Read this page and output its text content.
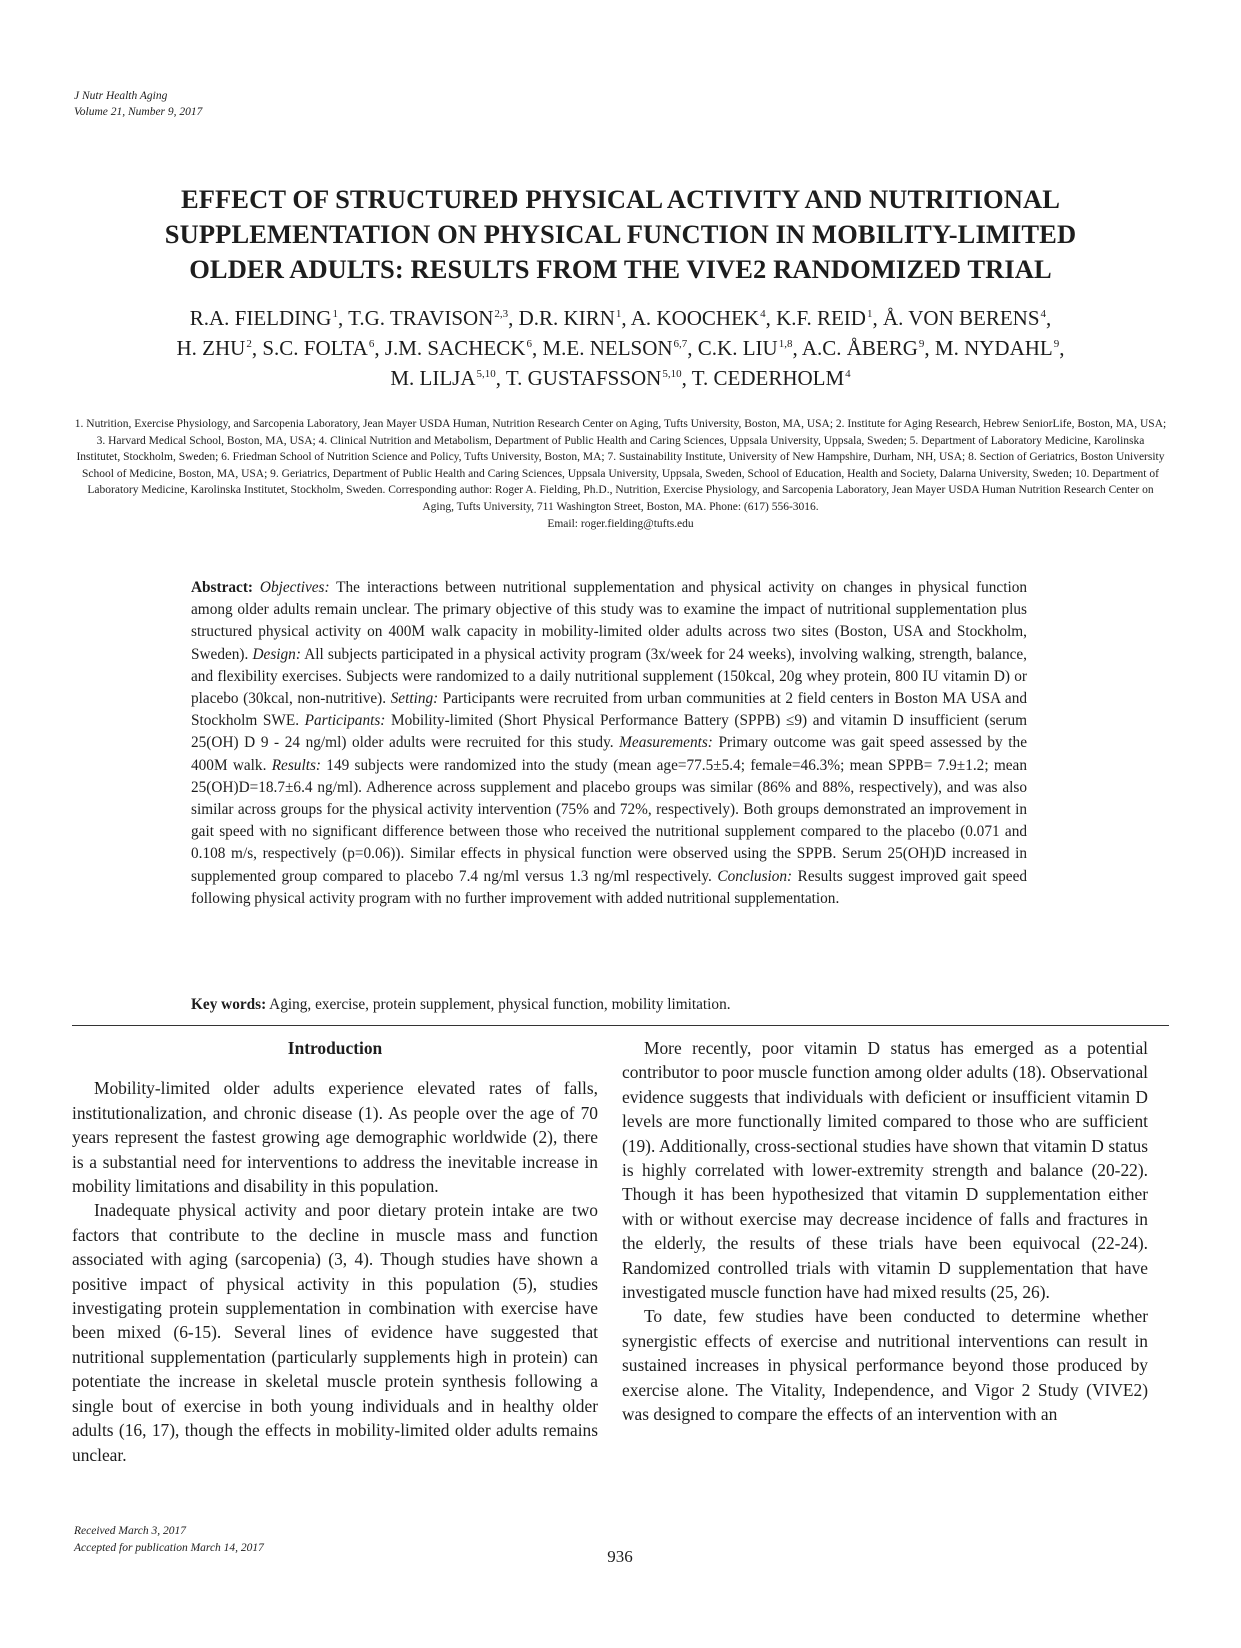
J Nutr Health Aging
Volume 21, Number 9, 2017
EFFECT OF STRUCTURED PHYSICAL ACTIVITY AND NUTRITIONAL
SUPPLEMENTATION ON PHYSICAL FUNCTION IN MOBILITY-LIMITED
OLDER ADULTS: RESULTS FROM THE VIVE2 RANDOMIZED TRIAL
R.A. FIELDING$^1$, T.G. TRAVISON$^{2,3}$, D.R. KIRN$^1$, A. KOOCHEK$^4$, K.F. REID$^1$, Å. VON BERENS$^4$,
H. ZHU$^2$, S.C. FOLTA$^6$, J.M. SACHECK$^6$, M.E. NELSON$^{6,7}$, C.K. LIU$^{1,8}$, A.C. ÅBERG$^9$, M. NYDAHL$^9$,
M. LILJA$^{5,10}$, T. GUSTAFSSON$^{5,10}$, T. CEDERHOLM$^4$
1. Nutrition, Exercise Physiology, and Sarcopenia Laboratory, Jean Mayer USDA Human, Nutrition Research Center on Aging, Tufts University, Boston, MA, USA; 2. Institute for Aging Research, Hebrew SeniorLife, Boston, MA, USA; 3. Harvard Medical School, Boston, MA, USA; 4. Clinical Nutrition and Metabolism, Department of Public Health and Caring Sciences, Uppsala University, Uppsala, Sweden; 5. Department of Laboratory Medicine, Karolinska Institutet, Stockholm, Sweden; 6. Friedman School of Nutrition Science and Policy, Tufts University, Boston, MA; 7. Sustainability Institute, University of New Hampshire, Durham, NH, USA; 8. Section of Geriatrics, Boston University School of Medicine, Boston, MA, USA; 9. Geriatrics, Department of Public Health and Caring Sciences, Uppsala University, Uppsala, Sweden, School of Education, Health and Society, Dalarna University, Sweden; 10. Department of Laboratory Medicine, Karolinska Institutet, Stockholm, Sweden. Corresponding author: Roger A. Fielding, Ph.D., Nutrition, Exercise Physiology, and Sarcopenia Laboratory, Jean Mayer USDA Human Nutrition Research Center on Aging, Tufts University, 711 Washington Street, Boston, MA. Phone: (617) 556-3016.
Email: roger.fielding@tufts.edu
Abstract: Objectives: The interactions between nutritional supplementation and physical activity on changes in physical function among older adults remain unclear. The primary objective of this study was to examine the impact of nutritional supplementation plus structured physical activity on 400M walk capacity in mobility-limited older adults across two sites (Boston, USA and Stockholm, Sweden). Design: All subjects participated in a physical activity program (3x/week for 24 weeks), involving walking, strength, balance, and flexibility exercises. Subjects were randomized to a daily nutritional supplement (150kcal, 20g whey protein, 800 IU vitamin D) or placebo (30kcal, non-nutritive). Setting: Participants were recruited from urban communities at 2 field centers in Boston MA USA and Stockholm SWE. Participants: Mobility-limited (Short Physical Performance Battery (SPPB) ≤9) and vitamin D insufficient (serum 25(OH) D 9 - 24 ng/ml) older adults were recruited for this study. Measurements: Primary outcome was gait speed assessed by the 400M walk. Results: 149 subjects were randomized into the study (mean age=77.5±5.4; female=46.3%; mean SPPB= 7.9±1.2; mean 25(OH)D=18.7±6.4 ng/ml). Adherence across supplement and placebo groups was similar (86% and 88%, respectively), and was also similar across groups for the physical activity intervention (75% and 72%, respectively). Both groups demonstrated an improvement in gait speed with no significant difference between those who received the nutritional supplement compared to the placebo (0.071 and 0.108 m/s, respectively (p=0.06)). Similar effects in physical function were observed using the SPPB. Serum 25(OH)D increased in supplemented group compared to placebo 7.4 ng/ml versus 1.3 ng/ml respectively. Conclusion: Results suggest improved gait speed following physical activity program with no further improvement with added nutritional supplementation.
Key words: Aging, exercise, protein supplement, physical function, mobility limitation.
Introduction

Mobility-limited older adults experience elevated rates of falls, institutionalization, and chronic disease (1). As people over the age of 70 years represent the fastest growing age demographic worldwide (2), there is a substantial need for interventions to address the inevitable increase in mobility limitations and disability in this population.

Inadequate physical activity and poor dietary protein intake are two factors that contribute to the decline in muscle mass and function associated with aging (sarcopenia) (3, 4). Though studies have shown a positive impact of physical activity in this population (5), studies investigating protein supplementation in combination with exercise have been mixed (6-15). Several lines of evidence have suggested that nutritional supplementation (particularly supplements high in protein) can potentiate the increase in skeletal muscle protein synthesis following a single bout of exercise in both young individuals and in healthy older adults (16, 17), though the effects in mobility-limited older adults remains unclear.

More recently, poor vitamin D status has emerged as a potential contributor to poor muscle function among older adults (18). Observational evidence suggests that individuals with deficient or insufficient vitamin D levels are more functionally limited compared to those who are sufficient (19). Additionally, cross-sectional studies have shown that vitamin D status is highly correlated with lower-extremity strength and balance (20-22). Though it has been hypothesized that vitamin D supplementation either with or without exercise may decrease incidence of falls and fractures in the elderly, the results of these trials have been equivocal (22-24). Randomized controlled trials with vitamin D supplementation that have investigated muscle function have had mixed results (25, 26).

To date, few studies have been conducted to determine whether synergistic effects of exercise and nutritional interventions can result in sustained increases in physical performance beyond those produced by exercise alone. The Vitality, Independence, and Vigor 2 Study (VIVE2) was designed to compare the effects of an intervention with an

Received March 3, 2017
Accepted for publication March 14, 2017	936
